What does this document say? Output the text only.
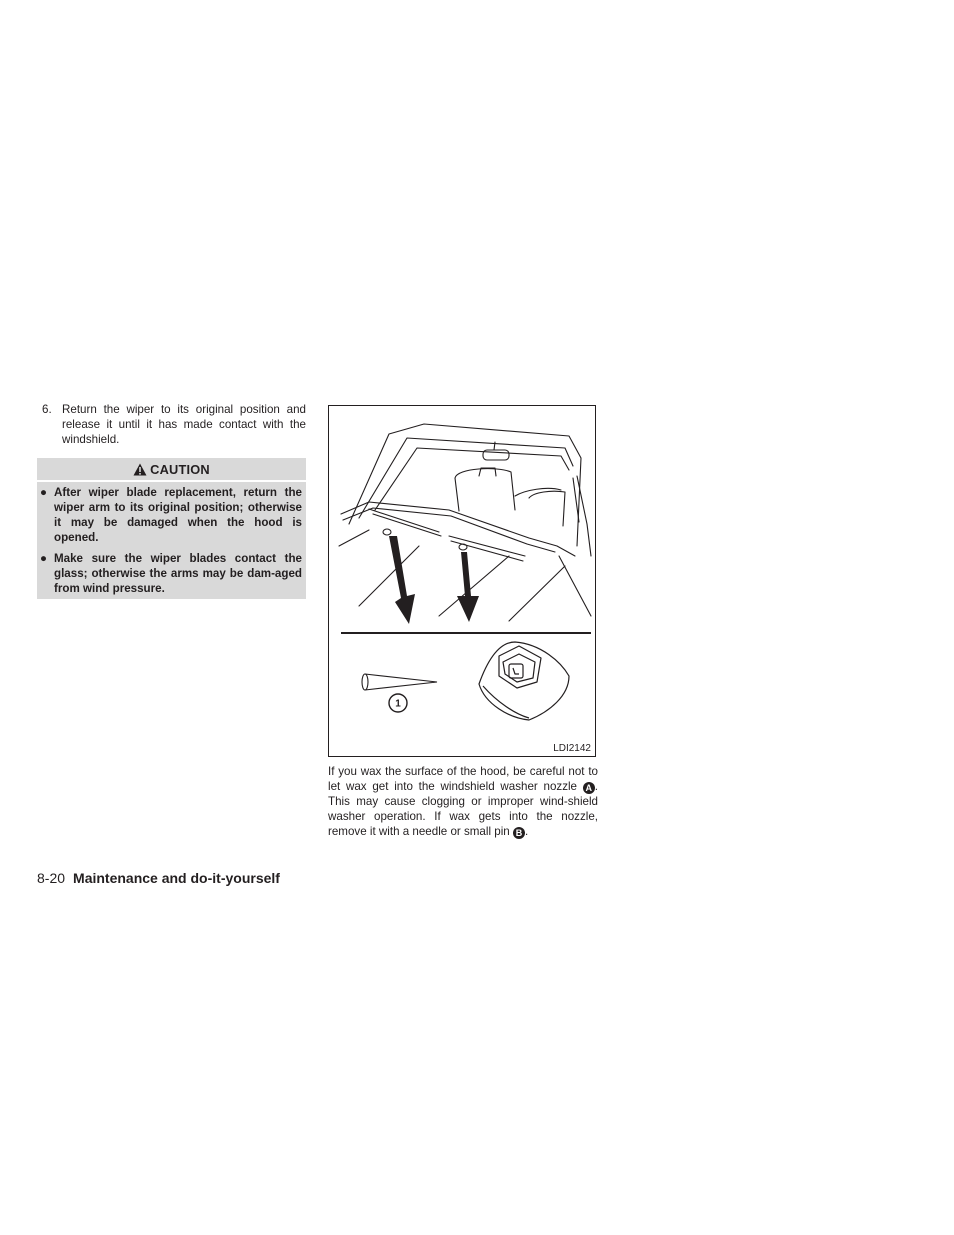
6. Return the wiper to its original position and release it until it has made contact with the windshield.
CAUTION
● After wiper blade replacement, return the wiper arm to its original position; otherwise it may be damaged when the hood is opened.
● Make sure the wiper blades contact the glass; otherwise the arms may be dam-aged from wind pressure.
1
LDI2142
If you wax the surface of the hood, be careful not to let wax get into the windshield washer nozzle A . This may cause clogging or improper wind-shield washer operation. If wax gets into the nozzle, remove it with a needle or small pin B .
8-20 Maintenance and do-it-yourself
